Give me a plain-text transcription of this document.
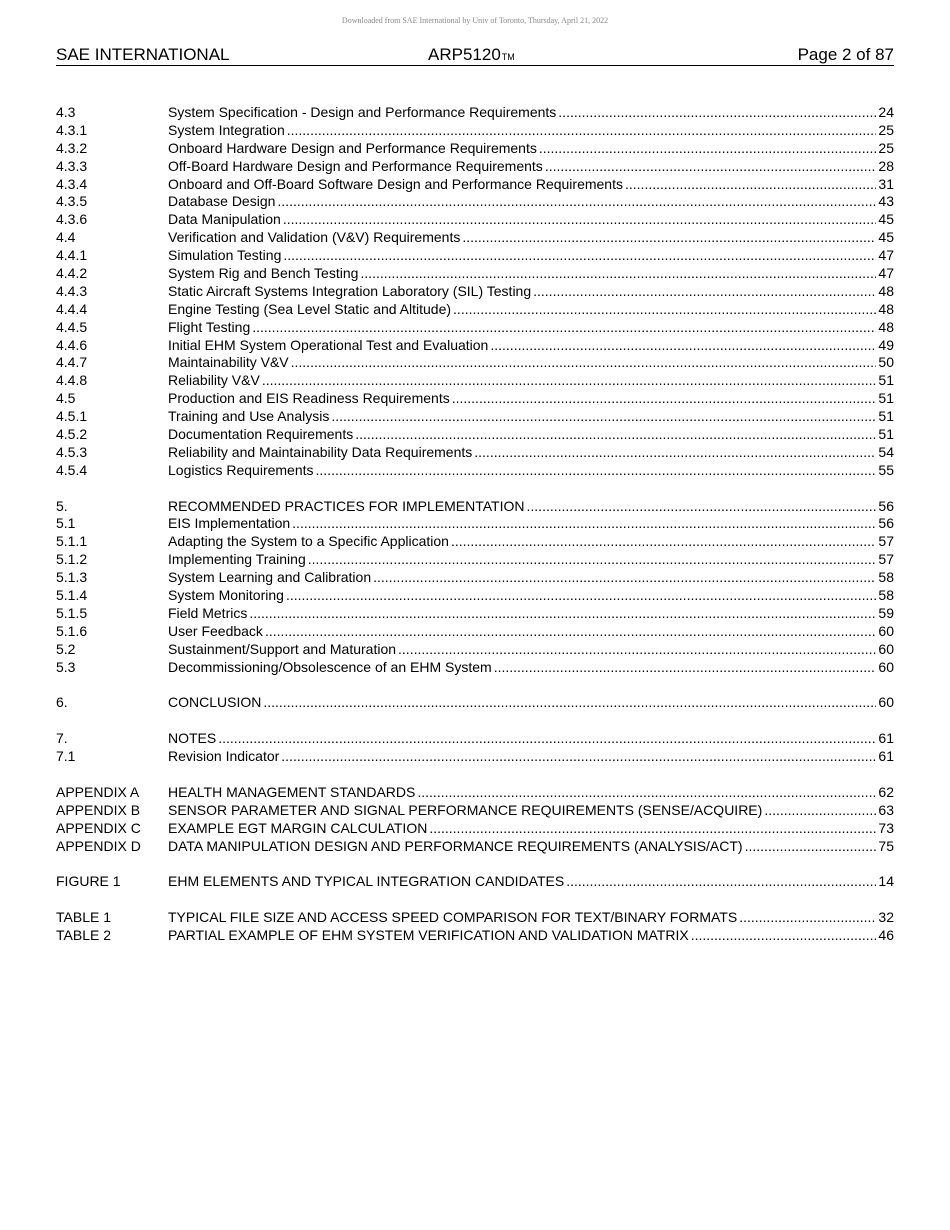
Downloaded from SAE International by Univ of Toronto, Thursday, April 21, 2022
SAE INTERNATIONAL	ARP5120™	Page 2 of 87
4.3	System Specification - Design and Performance Requirements .....	24
4.3.1	System Integration .....	25
4.3.2	Onboard Hardware Design and Performance Requirements .....	25
4.3.3	Off-Board Hardware Design and Performance Requirements .....	28
4.3.4	Onboard and Off-Board Software Design and Performance Requirements .....	31
4.3.5	Database Design .....	43
4.3.6	Data Manipulation .....	45
4.4	Verification and Validation (V&V) Requirements .....	45
4.4.1	Simulation Testing .....	47
4.4.2	System Rig and Bench Testing .....	47
4.4.3	Static Aircraft Systems Integration Laboratory (SIL) Testing .....	48
4.4.4	Engine Testing (Sea Level Static and Altitude) .....	48
4.4.5	Flight Testing .....	48
4.4.6	Initial EHM System Operational Test and Evaluation .....	49
4.4.7	Maintainability V&V .....	50
4.4.8	Reliability V&V .....	51
4.5	Production and EIS Readiness Requirements .....	51
4.5.1	Training and Use Analysis .....	51
4.5.2	Documentation Requirements .....	51
4.5.3	Reliability and Maintainability Data Requirements .....	54
4.5.4	Logistics Requirements .....	55
5.	RECOMMENDED PRACTICES FOR IMPLEMENTATION .....	56
5.1	EIS Implementation .....	56
5.1.1	Adapting the System to a Specific Application .....	57
5.1.2	Implementing Training .....	57
5.1.3	System Learning and Calibration .....	58
5.1.4	System Monitoring .....	58
5.1.5	Field Metrics .....	59
5.1.6	User Feedback .....	60
5.2	Sustainment/Support and Maturation .....	60
5.3	Decommissioning/Obsolescence of an EHM System .....	60
6.	CONCLUSION .....	60
7.	NOTES .....	61
7.1	Revision Indicator .....	61
APPENDIX A	HEALTH MANAGEMENT STANDARDS .....	62
APPENDIX B	SENSOR PARAMETER AND SIGNAL PERFORMANCE REQUIREMENTS (SENSE/ACQUIRE) .....	63
APPENDIX C	EXAMPLE EGT MARGIN CALCULATION .....	73
APPENDIX D	DATA MANIPULATION DESIGN AND PERFORMANCE REQUIREMENTS (ANALYSIS/ACT) .....	75
FIGURE 1	EHM ELEMENTS AND TYPICAL INTEGRATION CANDIDATES .....	14
TABLE 1	TYPICAL FILE SIZE AND ACCESS SPEED COMPARISON FOR TEXT/BINARY FORMATS .....	32
TABLE 2	PARTIAL EXAMPLE OF EHM SYSTEM VERIFICATION AND VALIDATION MATRIX .....	46
